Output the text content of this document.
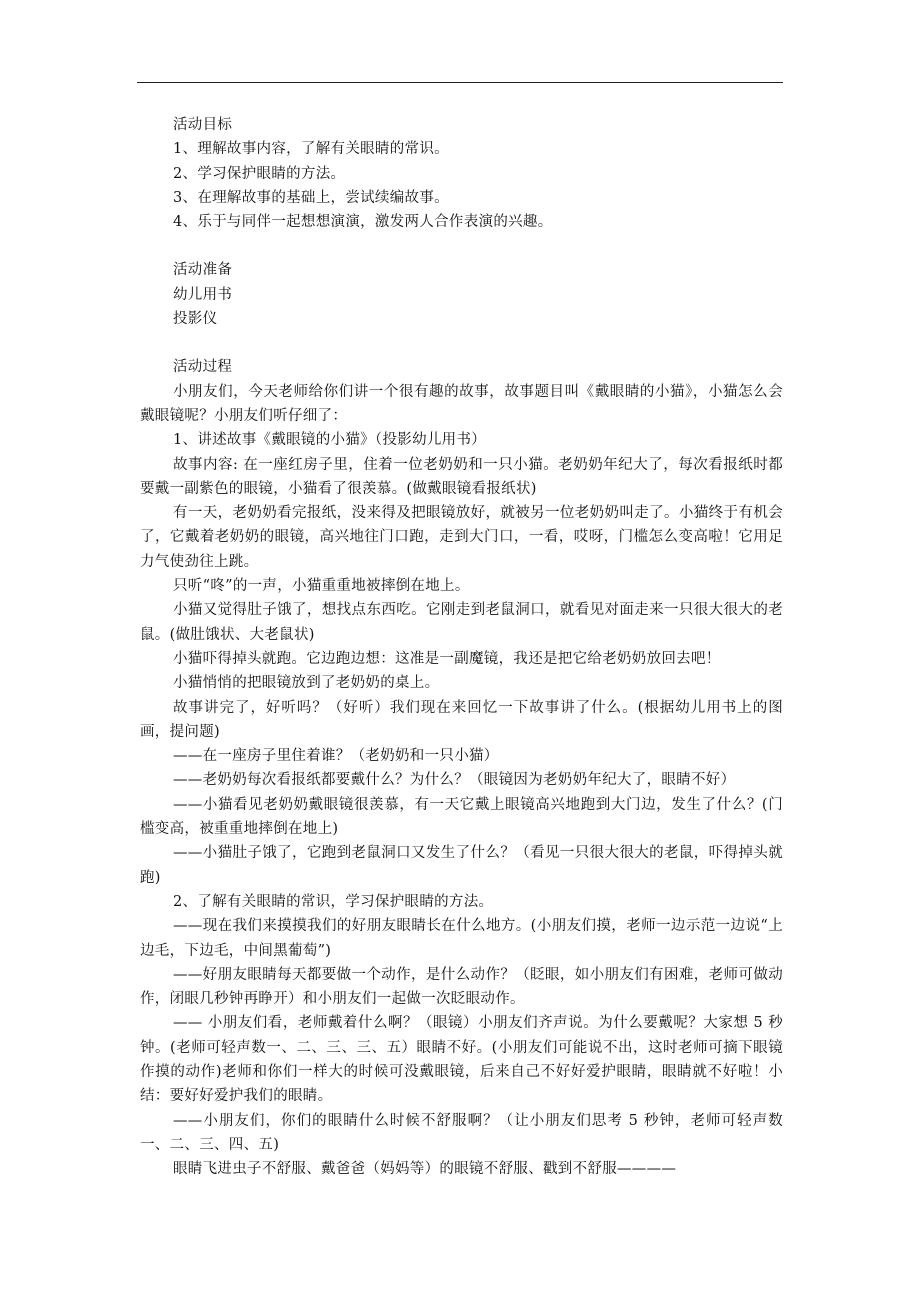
活动目标

1、理解故事内容，了解有关眼睛的常识。

2、学习保护眼睛的方法。

3、在理解故事的基础上，尝试续编故事。

4、乐于与同伴一起想想演演，激发两人合作表演的兴趣。

活动准备

幼儿用书

投影仪

活动过程

小朋友们，今天老师给你们讲一个很有趣的故事，故事题目叫《戴眼睛的小猫》，小猫怎么会戴眼镜呢？小朋友们听仔细了：

1、讲述故事《戴眼镜的小猫》（投影幼儿用书）

故事内容: 在一座红房子里，住着一位老奶奶和一只小猫。老奶奶年纪大了，每次看报纸时都要戴一副紫色的眼镜，小猫看了很羡慕。(做戴眼镜看报纸状)

有一天，老奶奶看完报纸，没来得及把眼镜放好，就被另一位老奶奶叫走了。小猫终于有机会了，它戴着老奶奶的眼镜，高兴地往门口跑，走到大门口，一看，哎呀，门槛怎么变高啦！它用足力气使劲往上跳。

只听“咚”的一声，小猫重重地被摔倒在地上。

小猫又觉得肚子饿了，想找点东西吃。它刚走到老鼠洞口，就看见对面走来一只很大很大的老鼠。(做肚饿状、大老鼠状)

小猫吓得掉头就跑。它边跑边想：这准是一副魔镜，我还是把它给老奶奶放回去吧！

小猫悄悄的把眼镜放到了老奶奶的桌上。

故事讲完了，好听吗？（好听）我们现在来回忆一下故事讲了什么。(根据幼儿用书上的图画，提问题)

——在一座房子里住着谁？（老奶奶和一只小猫）

——老奶奶每次看报纸都要戴什么？为什么？（眼镜因为老奶奶年纪大了，眼睛不好）

——小猫看见老奶奶戴眼镜很羡慕，有一天它戴上眼镜高兴地跑到大门边，发生了什么？(门槛变高，被重重地摔倒在地上)

——小猫肚子饿了，它跑到老鼠洞口又发生了什么？（看见一只很大很大的老鼠，吓得掉头就跑)

2、了解有关眼睛的常识，学习保护眼睛的方法。

——现在我们来摸摸我们的好朋友眼睛长在什么地方。(小朋友们摸，老师一边示范一边说“上边毛，下边毛，中间黑葡萄”)

——好朋友眼睛每天都要做一个动作，是什么动作？（眨眼，如小朋友们有困难，老师可做动作，闭眼几秒钟再睁开）和小朋友们一起做一次眨眼动作。

—— 小朋友们看，老师戴着什么啊？（眼镜）小朋友们齐声说。为什么要戴呢？大家想 5 秒钟。(老师可轻声数一、二、三、三、五）眼睛不好。(小朋友们可能说不出，这时老师可摘下眼镜作摸的动作)老师和你们一样大的时候可没戴眼镜，后来自己不好好爱护眼睛，眼睛就不好啦！小结：要好好爱护我们的眼睛。

——小朋友们，你们的眼睛什么时候不舒服啊？（让小朋友们思考 5 秒钟，老师可轻声数一、二、三、四、五)

眼睛飞进虫子不舒服、戴爸爸（妈妈等）的眼镜不舒服、戳到不舒服————
